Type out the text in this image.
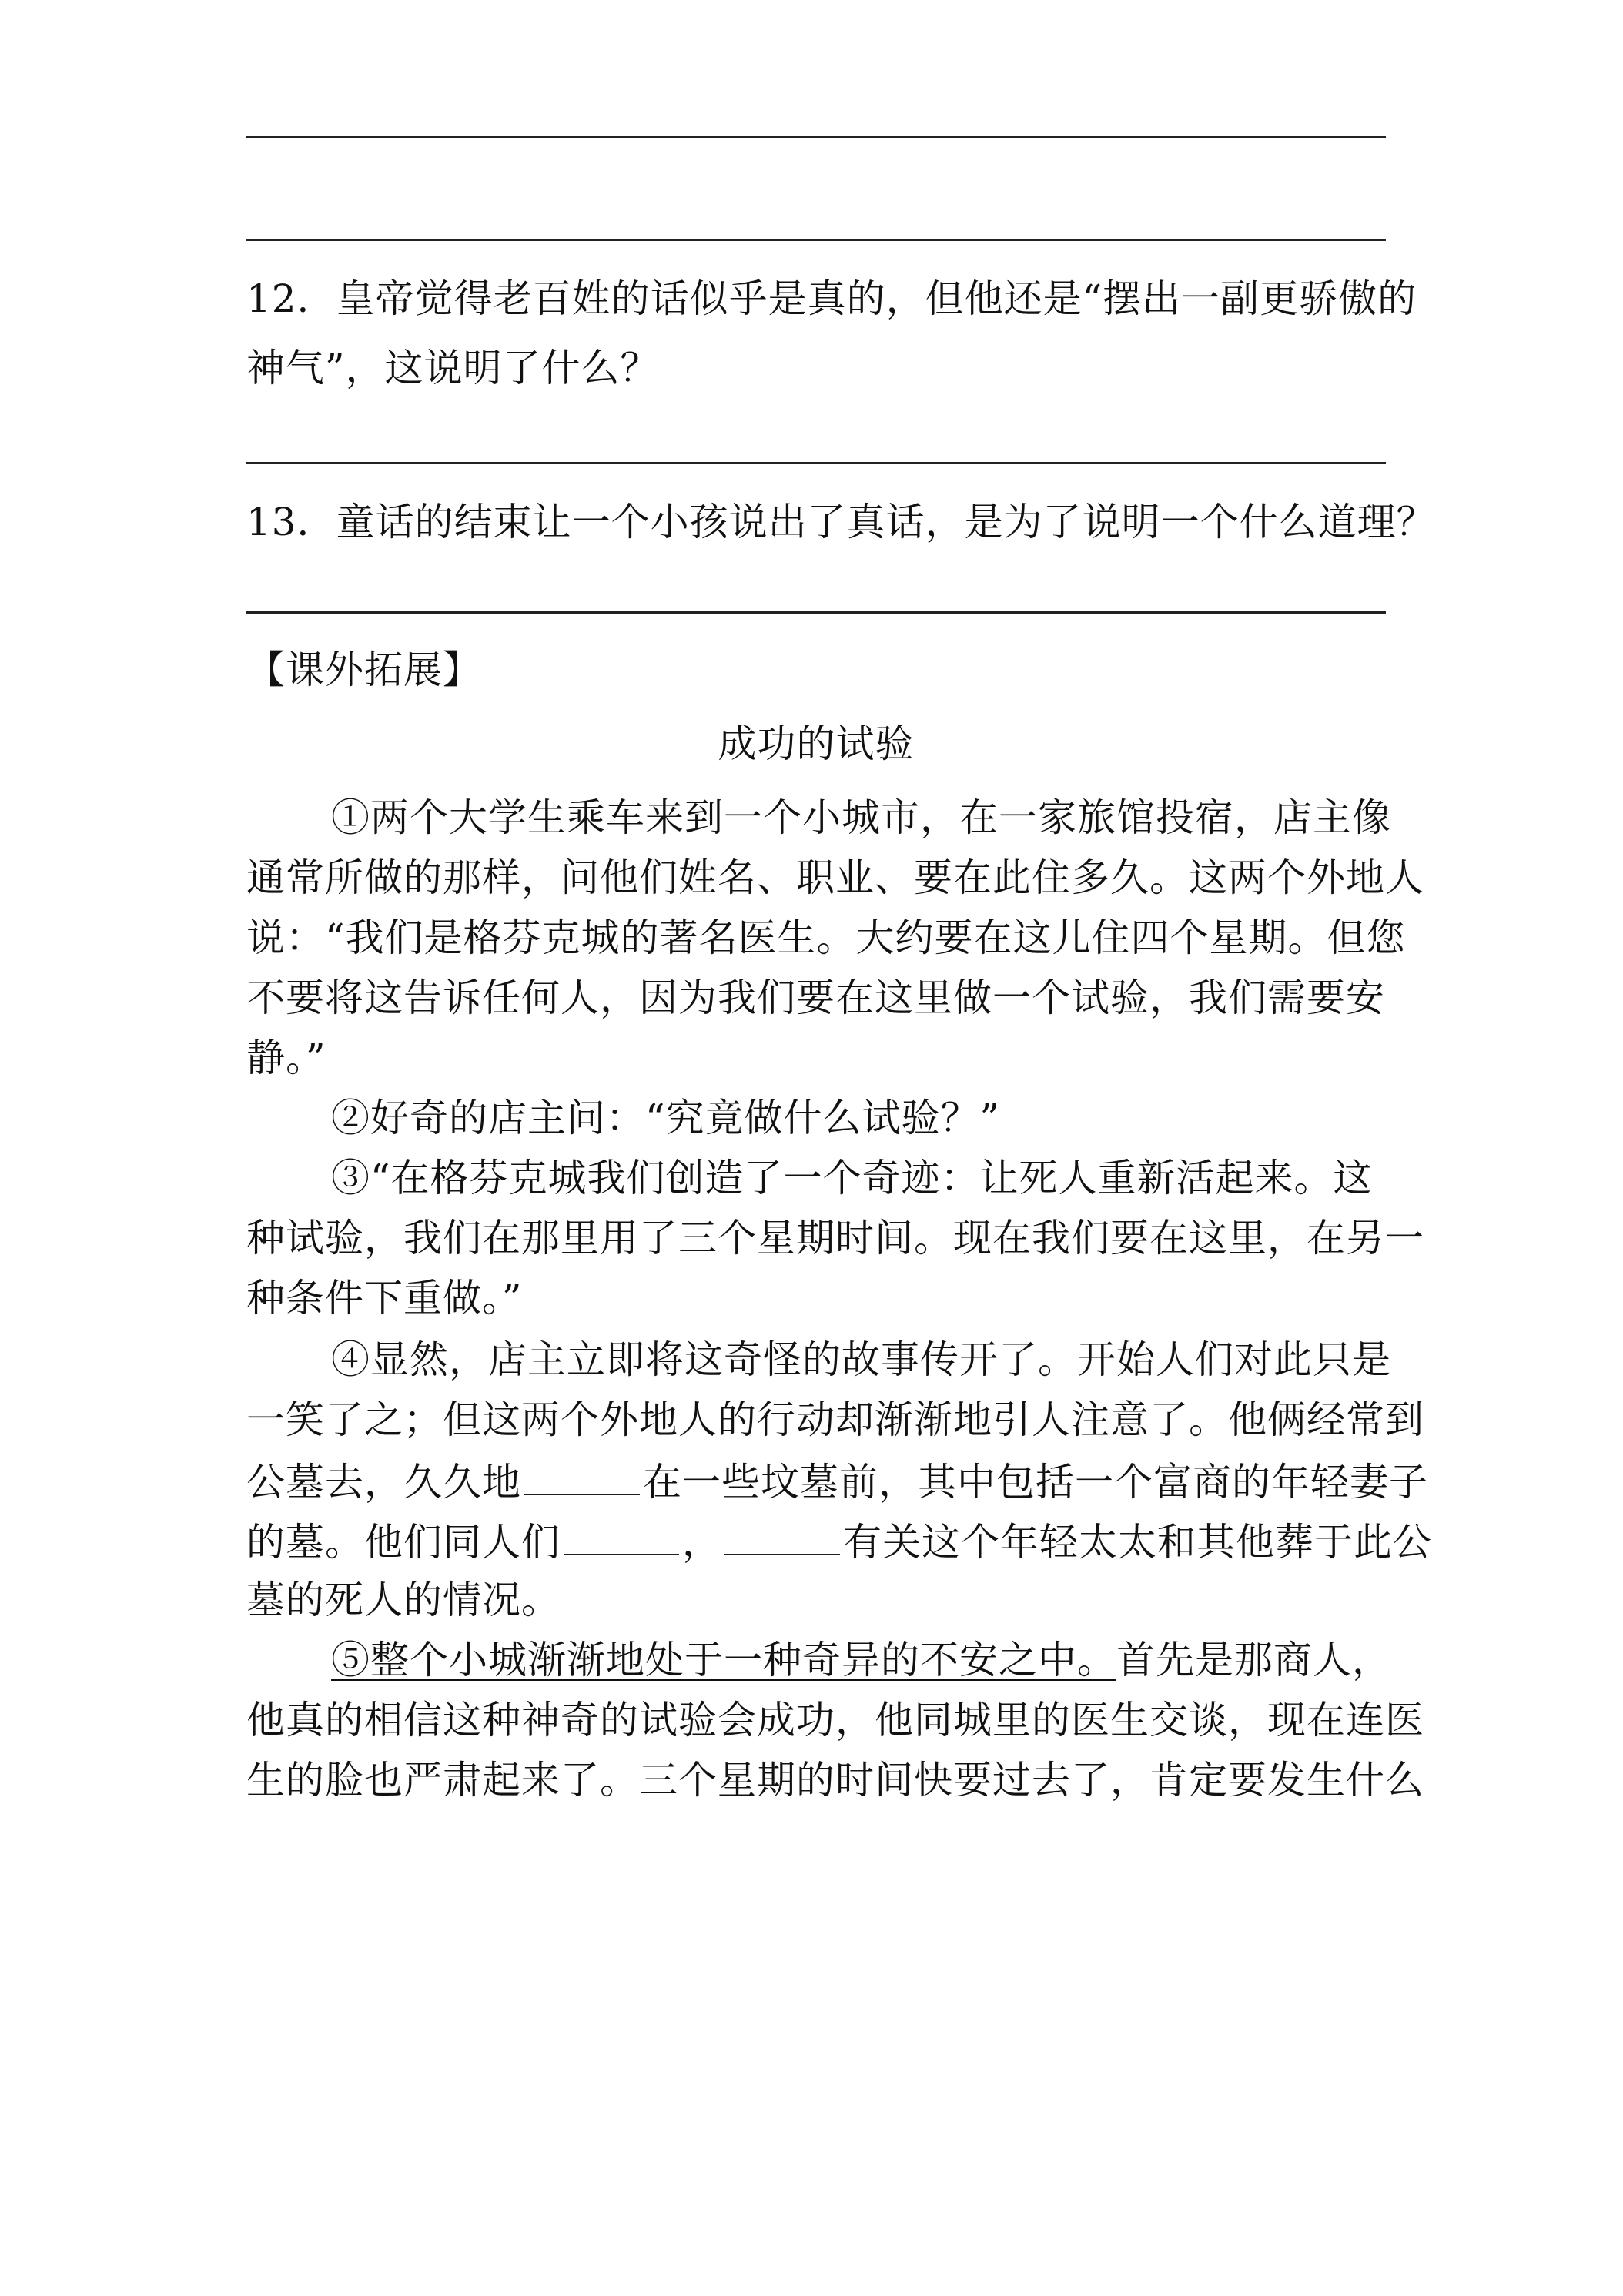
12．皇帝觉得老百姓的话似乎是真的，但他还是“摆出一副更骄傲的
神气”，这说明了什么？
13．童话的结束让一个小孩说出了真话，是为了说明一个什么道理？
【课外拓展】
成功的试验
①两个大学生乘车来到一个小城市，在一家旅馆投宿，店主像
通常所做的那样，问他们姓名、职业、要在此住多久。这两个外地人
说：“我们是格芬克城的著名医生。大约要在这儿住四个星期。但您
不要将这告诉任何人，因为我们要在这里做一个试验，我们需要安
静。”
②好奇的店主问：“究竟做什么试验？”
③“在格芬克城我们创造了一个奇迹：让死人重新活起来。这
种试验，我们在那里用了三个星期时间。现在我们要在这里，在另一
种条件下重做。”
④显然，店主立即将这奇怪的故事传开了。开始人们对此只是
一笑了之；但这两个外地人的行动却渐渐地引人注意了。他俩经常到
公墓去，久久地	在一些坟墓前，其中包括一个富商的年轻妻子
的墓。他们同人们	，	有关这个年轻太太和其他葬于此公
墓的死人的情况。
⑤整个小城渐渐地处于一种奇异的不安之中。首先是那商人，
他真的相信这种神奇的试验会成功，他同城里的医生交谈，现在连医
生的脸也严肃起来了。三个星期的时间快要过去了，肯定要发生什么
